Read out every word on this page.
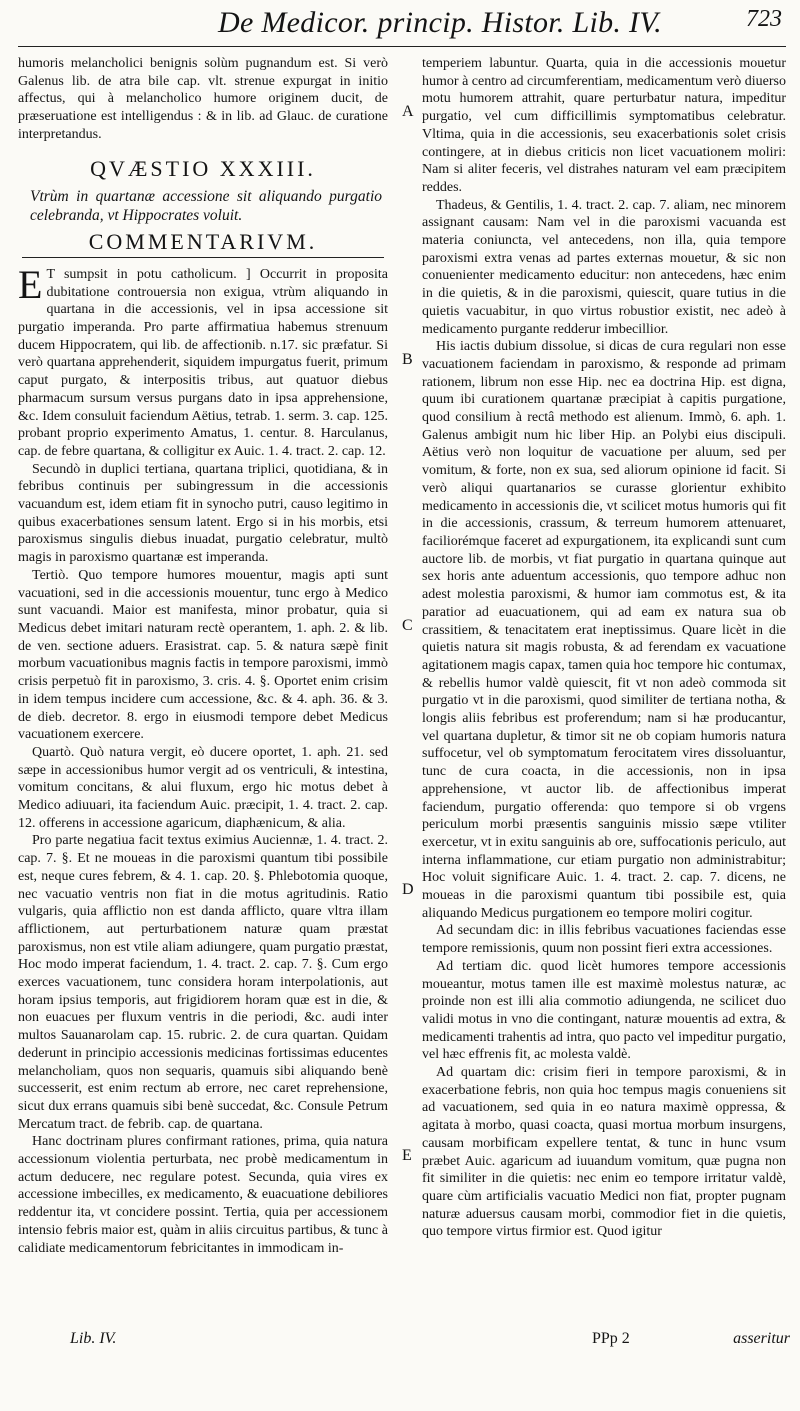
De Medicor. princip. Histor. Lib. IV.	723

humoris melancholici benignis solùm pugnandum est. Si verò Galenus lib. de atra bile cap. vlt. strenue expurgat in initio affectus, qui à melancholico humore originem ducit, de præseruatione est intelligendus : & in lib. ad Glauc. de curatione interpretandus.

QVÆSTIO XXXIII.
Vtrùm in quartanæ accessione sit aliquando purgatio celebranda, vt Hippocrates voluit.
COMMENTARIVM.

E T sumpsit in potu catholicum. ] Occurrit in proposita dubitatione controuersia non exigua, vtrùm aliquando in quartana in die accessionis, vel in ipsa accessione sit purgatio imperanda. Pro parte affirmatiua habemus strenuum ducem Hippocratem, qui lib. de affectionib. n.17. sic præfatur. Si verò quartana apprehenderit, siquidem impurgatus fuerit, primum caput purgato, & interpositis tribus, aut quatuor diebus pharmacum sursum versus purgans dato in ipsa apprehensione, &c. Idem consuluit faciendum Aëtius, tetrab. 1. serm. 3. cap. 125. probant proprio experimento Amatus, 1. centur. 8. Harculanus, cap. de febre quartana, & colligitur ex Auic. 1. 4. tract. 2. cap. 12.

Secundò in duplici tertiana, quartana triplici, quotidiana, & in febribus continuis per subingressum in die accessionis vacuandum est, idem etiam fit in synocho putri, causo legitimo in quibus exacerbationes sensum latent. Ergo si in his morbis, etsi paroxismus singulis diebus inuadat, purgatio celebratur, multò magis in paroxismo quartanæ est imperanda.

Tertiò. Quo tempore humores mouentur, magis apti sunt vacuationi, sed in die accessionis mouentur, tunc ergo à Medico sunt vacuandi. Maior est manifesta, minor probatur, quia si Medicus debet imitari naturam rectè operantem, 1. aph. 2. & lib. de ven. sectione aduers. Erasistrat. cap. 5. & natura sæpè finit morbum vacuationibus magnis factis in tempore paroxismi, immò crisis perpetuò fit in paroxismo, 3. cris. 4. §. Oportet enim crisim in idem tempus incidere cum accessione, &c. & 4. aph. 36. & 3. de dieb. decretor. 8. ergo in eiusmodi tempore debet Medicus vacuationem exercere.

Quartò. Quò natura vergit, eò ducere oportet, 1. aph. 21. sed sæpe in accessionibus humor vergit ad os ventriculi, & intestina, vomitum concitans, & alui fluxum, ergo hic motus debet à Medico adiuuari, ita faciendum Auic. præcipit, 1. 4. tract. 2. cap. 12. offerens in accessione agaricum, diaphænicum, & alia.

Pro parte negatiua facit textus eximius Auciennæ, 1. 4. tract. 2. cap. 7. §. Et ne moueas in die paroxismi quantum tibi possibile est, neque cures febrem, & 4. 1. cap. 20. §. Phlebotomia quoque, nec vacuatio ventris non fiat in die motus agritudinis. Ratio vulgaris, quia afflictio non est danda afflicto, quare vltra illam afflictionem, aut perturbationem naturæ quam præstat paroxismus, non est vtile aliam adiungere, quam purgatio præstat, Hoc modo imperat faciendum, 1. 4. tract. 2. cap. 7. §. Cum ergo exerces vacuationem, tunc considera horam interpolationis, aut horam ipsius temporis, aut frigidiorem horam quæ est in die, & non euacues per fluxum ventris in die periodi, &c. audi inter multos Sauanarolam cap. 15. rubric. 2. de cura quartan. Quidam dederunt in principio accessionis medicinas fortissimas educentes melancholiam, quos non sequaris, quamuis sibi aliquando benè successerit, est enim rectum ab errore, nec caret reprehensione, sicut dux errans quamuis sibi benè succedat, &c. Consule Petrum Mercatum tract. de febrib. cap. de quartana.

Hanc doctrinam plures confirmant rationes, prima, quia natura accessionum violentia perturbata, nec probè medicamentum in actum deducere, nec regulare potest. Secunda, quia vires ex accessione imbecilles, ex medicamento, & euacuatione debiliores reddentur ita, vt concidere possint. Tertia, quia per accessionem intensio febris maior est, quàm in aliis circuitus partibus, & tunc à calidiate medicamentorum febricitantes in immodicam in-

A
B
C
D
E

temperiem labuntur. Quarta, quia in die accessionis mouetur humor à centro ad circumferentiam, medicamentum verò diuerso motu humorem attrahit, quare perturbatur natura, impeditur purgatio, vel cum difficillimis symptomatibus celebratur. Vltima, quia in die accessionis, seu exacerbationis solet crisis contingere, at in diebus criticis non licet vacuationem moliri: Nam si aliter feceris, vel distrahes naturam vel eam præcipitem reddes.

Thadeus, & Gentilis, 1. 4. tract. 2. cap. 7. aliam, nec minorem assignant causam: Nam vel in die paroxismi vacuanda est materia coniuncta, vel antecedens, non illa, quia tempore paroxismi extra venas ad partes externas mouetur, & sic non conuenienter medicamento educitur: non antecedens, hæc enim in die quietis, & in die paroxismi, quiescit, quare tutius in die quietis vacuabitur, in quo virtus robustior existit, nec adeò à medicamento purgante redderur imbecillior.

His iactis dubium dissolue, si dicas de cura regulari non esse vacuationem faciendam in paroxismo, & responde ad primam rationem, librum non esse Hip. nec ea doctrina Hip. est digna, quum ibi curationem quartanæ præcipiat à capitis purgatione, quod consilium à rectâ methodo est alienum. Immò, 6. aph. 1. Galenus ambigit num hic liber Hip. an Polybi eius discipuli. Aëtius verò non loquitur de vacuatione per aluum, sed per vomitum, & forte, non ex sua, sed aliorum opinione id facit. Si verò aliqui quartanarios se curasse glorientur exhibito medicamento in accessionis die, vt scilicet motus humoris qui fit in die accessionis, crassum, & terreum humorem attenuaret, faciliorémque faceret ad expurgationem, ita explicandi sunt cum auctore lib. de morbis, vt fiat purgatio in quartana quinque aut sex horis ante aduentum accessionis, quo tempore adhuc non adest molestia paroxismi, & humor iam commotus est, & ita paratior ad euacuationem, qui ad eam ex natura sua ob crassitiem, & tenacitatem erat ineptissimus. Quare licèt in die quietis natura sit magis robusta, & ad ferendam ex vacuatione agitationem magis capax, tamen quia hoc tempore hic contumax, & rebellis humor valdè quiescit, fit vt non adeò commoda sit purgatio vt in die paroxismi, quod similiter de tertiana notha, & longis aliis febribus est proferendum; nam si hæ producantur, vel quartana dupletur, & timor sit ne ob copiam humoris natura suffocetur, vel ob symptomatum ferocitatem vires dissoluantur, tunc de cura coacta, in die accessionis, non in ipsa apprehensione, vt auctor lib. de affectionibus imperat faciendum, purgatio offerenda: quo tempore si ob vrgens periculum morbi præsentis sanguinis missio sæpe vtiliter exercetur, vt in exitu sanguinis ab ore, suffocationis periculo, aut interna inflammatione, cur etiam purgatio non administrabitur; Hoc voluit significare Auic. 1. 4. tract. 2. cap. 7. dicens, ne moueas in die paroxismi quantum tibi possibile est, quia aliquando Medicus purgationem eo tempore moliri cogitur.

Ad secundam dic: in illis febribus vacuationes faciendas esse tempore remissionis, quum non possint fieri extra accessiones.

Ad tertiam dic. quod licèt humores tempore accessionis moueantur, motus tamen ille est maximè molestus naturæ, ac proinde non est illi alia commotio adiungenda, ne scilicet duo validi motus in vno die contingant, naturæ mouentis ad extra, & medicamenti trahentis ad intra, quo pacto vel impeditur purgatio, vel hæc effrenis fit, ac molesta valdè.

Ad quartam dic: crisim fieri in tempore paroxismi, & in exacerbatione febris, non quia hoc tempus magis conueniens sit ad vacuationem, sed quia in eo natura maximè oppressa, & agitata à morbo, quasi coacta, quasi mortua morbum insurgens, causam morbificam expellere tentat, & tunc in hunc vsum præbet Auic. agaricum ad iuuandum vomitum, quæ pugna non fit similiter in die quietis: nec enim eo tempore irritatur valdè, quare cùm artificialis vacuatio Medici non fiat, propter pugnam naturæ aduersus causam morbi, commodior fiet in die quietis, quo tempore virtus firmior est. Quod igitur

Lib. IV.	PPp 2	asseritur
